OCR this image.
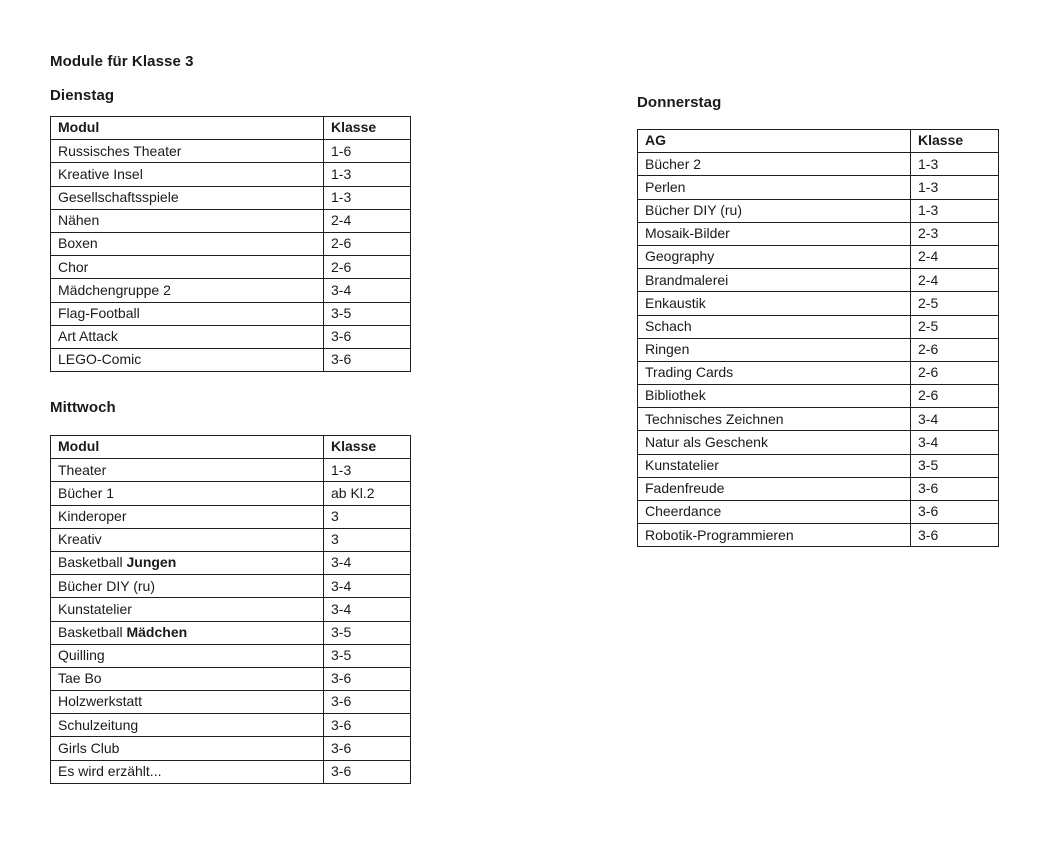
Module für Klasse 3
Dienstag
Modul	Klasse
Russisches Theater	1-6
Kreative Insel	1-3
Gesellschaftsspiele	1-3
Nähen	2-4
Boxen	2-6
Chor	2-6
Mädchengruppe 2	3-4
Flag-Football	3-5
Art Attack	3-6
LEGO-Comic	3-6
Mittwoch
Modul	Klasse
Theater	1-3
Bücher 1	ab Kl.2
Kinderoper	3
Kreativ	3
Basketball Jungen	3-4
Bücher DIY (ru)	3-4
Kunstatelier	3-4
Basketball Mädchen	3-5
Quilling	3-5
Tae Bo	3-6
Holzwerkstatt	3-6
Schulzeitung	3-6
Girls Club	3-6
Es wird erzählt...	3-6
Donnerstag
AG	Klasse
Bücher 2	1-3
Perlen	1-3
Bücher DIY (ru)	1-3
Mosaik-Bilder	2-3
Geography	2-4
Brandmalerei	2-4
Enkaustik	2-5
Schach	2-5
Ringen	2-6
Trading Cards	2-6
Bibliothek	2-6
Technisches Zeichnen	3-4
Natur als Geschenk	3-4
Kunstatelier	3-5
Fadenfreude	3-6
Cheerdance	3-6
Robotik-Programmieren	3-6
